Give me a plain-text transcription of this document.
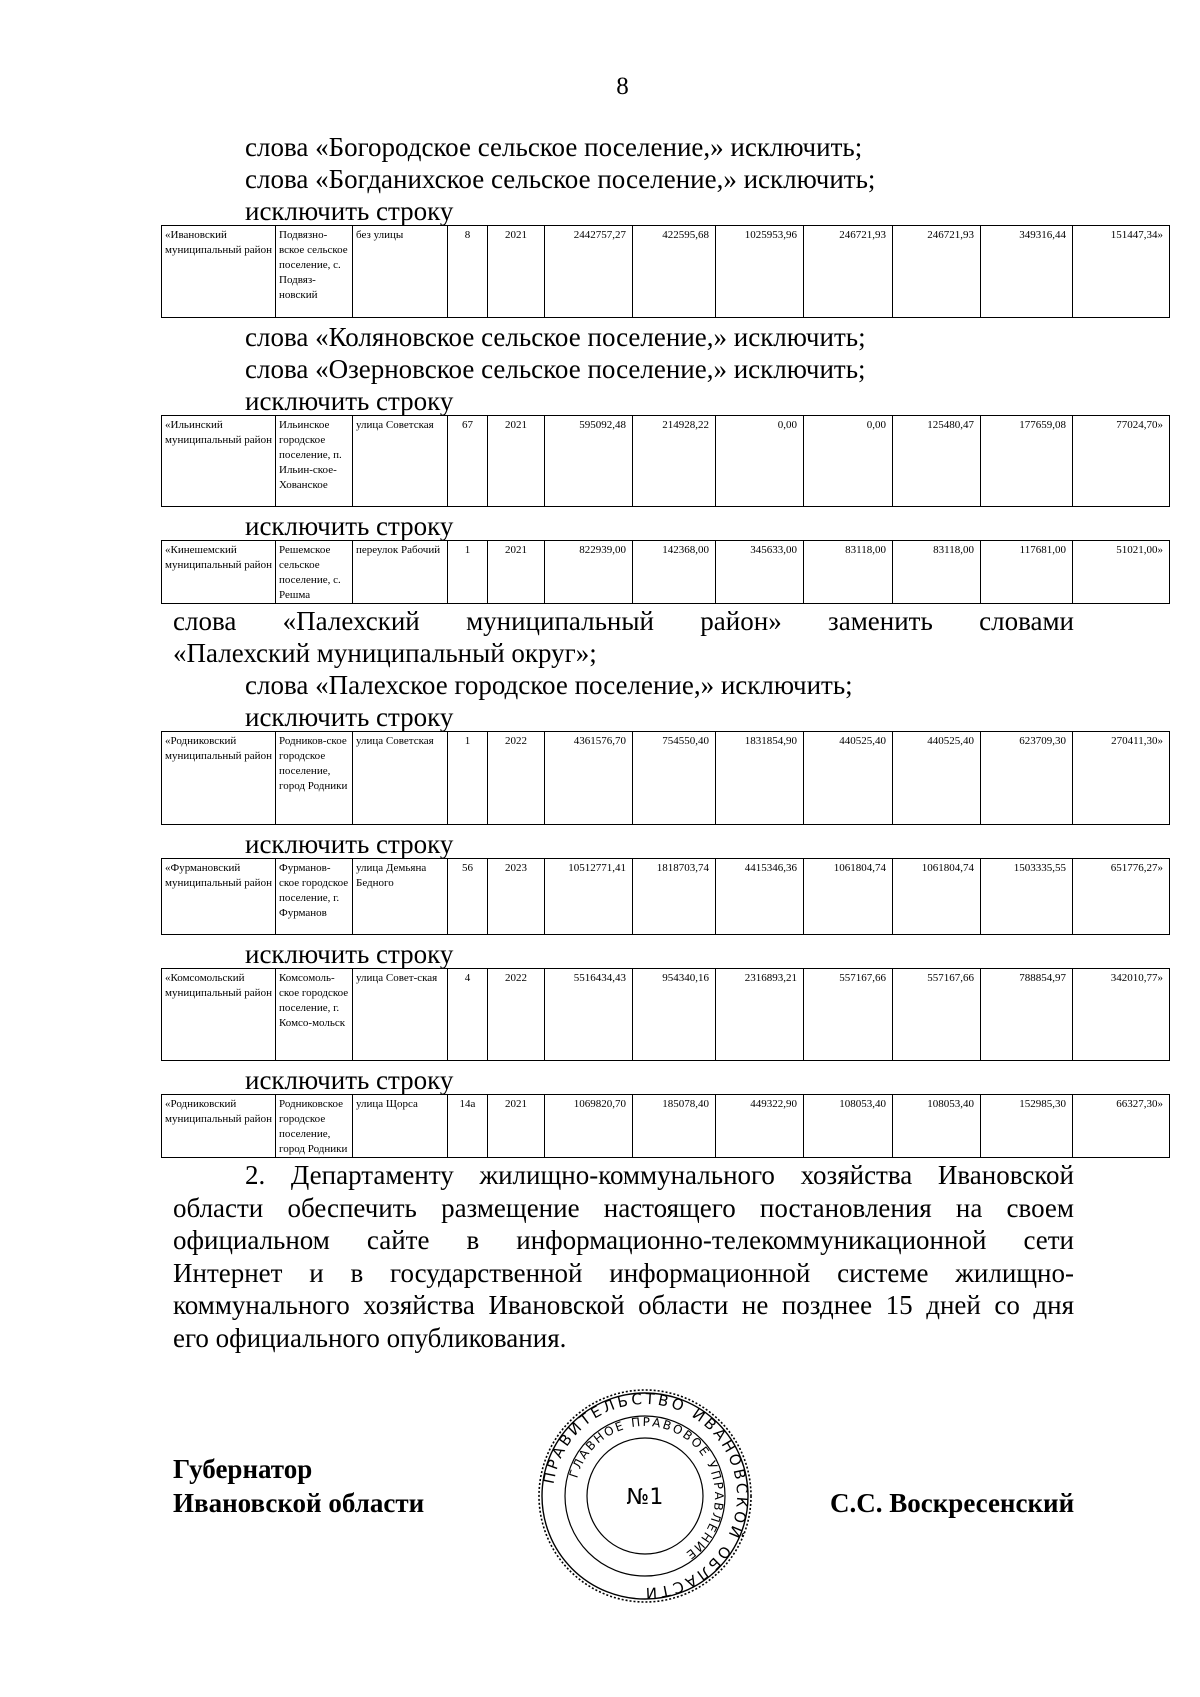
8
слова «Богородское сельское поселение,» исключить;
слова «Богданихское сельское поселение,» исключить;
исключить строку
«Ивановский муниципальный район	Подвязно-вское сельское поселение, с. Подвяз-новский	без улицы	8	2021	2442757,27	422595,68	1025953,96	246721,93	246721,93	349316,44	151447,34»
слова «Коляновское сельское поселение,» исключить;
слова «Озерновское сельское поселение,» исключить;
исключить строку
«Ильинский муниципальный район	Ильинское городское поселение, п. Ильин-ское-Хованское	улица Советская	67	2021	595092,48	214928,22	0,00	0,00	125480,47	177659,08	77024,70»
исключить строку
«Кинешемский муниципальный район	Решемское сельское поселение, с. Решма	переулок Рабочий	1	2021	822939,00	142368,00	345633,00	83118,00	83118,00	117681,00	51021,00»
слова «Палехский муниципальный район» заменить словами
«Палехский муниципальный округ»;
слова «Палехское городское поселение,» исключить;
исключить строку
«Родниковский муниципальный район	Родников-ское городское поселение, город Родники	улица Советская	1	2022	4361576,70	754550,40	1831854,90	440525,40	440525,40	623709,30	270411,30»
исключить строку
«Фурмановский муниципальный район	Фурманов-ское городское поселение, г. Фурманов	улица Демьяна Бедного	56	2023	10512771,41	1818703,74	4415346,36	1061804,74	1061804,74	1503335,55	651776,27»
исключить строку
«Комсомольский муниципальный район	Комсомоль-ское городское поселение, г. Комсо-мольск	улица Совет-ская	4	2022	5516434,43	954340,16	2316893,21	557167,66	557167,66	788854,97	342010,77»
исключить строку
«Родниковский муниципальный район	Родниковское городское поселение, город Родники	улица Щорса	14а	2021	1069820,70	185078,40	449322,90	108053,40	108053,40	152985,30	66327,30»
2. Департаменту жилищно-коммунального хозяйства Ивановской
области обеспечить размещение настоящего постановления на своем
официальном сайте в информационно-телекоммуникационной сети
Интернет и в государственной информационной системе жилищно-
коммунального хозяйства Ивановской области не позднее 15 дней со дня
его официального опубликования.
Губернатор
Ивановской области
ПРАВИТЕЛЬСТВО ИВАНОВСКОЙ ОБЛАСТИ
ГЛАВНОЕ ПРАВОВОЕ УПРАВЛЕНИЕ
№1	С.С. Воскресенский
